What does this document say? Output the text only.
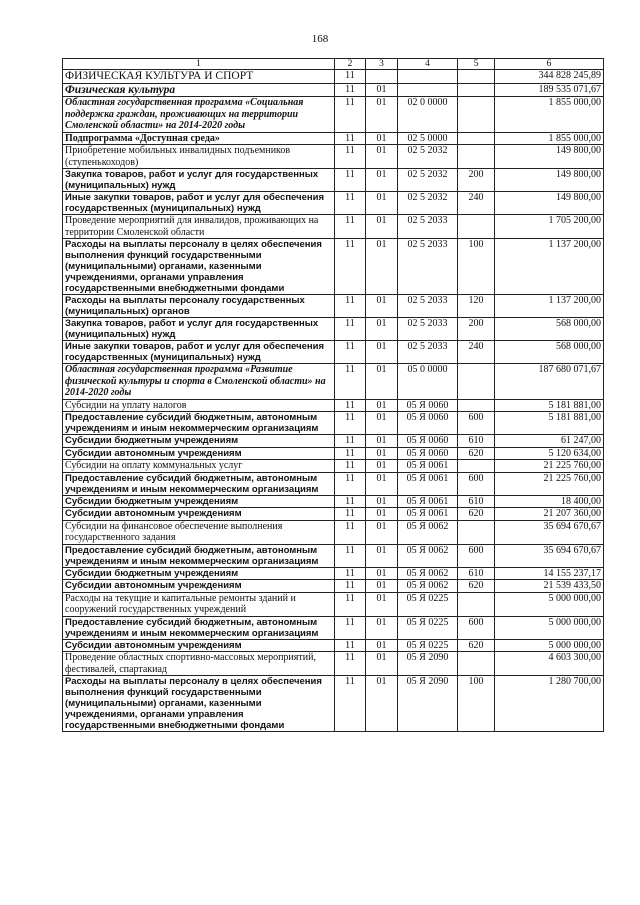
168
1	2	3	4	5	6
ФИЗИЧЕСКАЯ КУЛЬТУРА И СПОРТ	11				344 828 245,89
Физическая культура	11	01			189 535 071,67
Областная государственная программа «Социальная поддержка граждан, проживающих на территории Смоленской области» на 2014-2020 годы	11	01	02 0 0000		1 855 000,00
Подпрограмма «Доступная среда»	11	01	02 5 0000		1 855 000,00
Приобретение мобильных инвалидных подъемников (ступенькоходов)	11	01	02 5 2032		149 800,00
Закупка товаров, работ и услуг для государственных (муниципальных) нужд	11	01	02 5 2032	200	149 800,00
Иные закупки товаров, работ и услуг для обеспечения государственных (муниципальных) нужд	11	01	02 5 2032	240	149 800,00
Проведение мероприятий для инвалидов, проживающих на территории Смоленской области	11	01	02 5 2033		1 705 200,00
Расходы на выплаты персоналу в целях обеспечения выполнения функций государственными (муниципальными) органами, казенными учреждениями, органами управления государственными внебюджетными фондами	11	01	02 5 2033	100	1 137 200,00
Расходы на выплаты персоналу государственных (муниципальных) органов	11	01	02 5 2033	120	1 137 200,00
Закупка товаров, работ и услуг для государственных (муниципальных) нужд	11	01	02 5 2033	200	568 000,00
Иные закупки товаров, работ и услуг для обеспечения государственных (муниципальных) нужд	11	01	02 5 2033	240	568 000,00
Областная государственная программа «Развитие физической культуры и спорта в Смоленской области» на 2014-2020 годы	11	01	05 0 0000		187 680 071,67
Субсидии на уплату налогов	11	01	05 Я 0060		5 181 881,00
Предоставление субсидий бюджетным, автономным учреждениям и иным некоммерческим организациям	11	01	05 Я 0060	600	5 181 881,00
Субсидии бюджетным учреждениям	11	01	05 Я 0060	610	61 247,00
Субсидии автономным учреждениям	11	01	05 Я 0060	620	5 120 634,00
Субсидии на оплату коммунальных услуг	11	01	05 Я 0061		21 225 760,00
Предоставление субсидий бюджетным, автономным учреждениям и иным некоммерческим организациям	11	01	05 Я 0061	600	21 225 760,00
Субсидии бюджетным учреждениям	11	01	05 Я 0061	610	18 400,00
Субсидии автономным учреждениям	11	01	05 Я 0061	620	21 207 360,00
Субсидии на финансовое обеспечение выполнения государственного задания	11	01	05 Я 0062		35 694 670,67
Предоставление субсидий бюджетным, автономным учреждениям и иным некоммерческим организациям	11	01	05 Я 0062	600	35 694 670,67
Субсидии бюджетным учреждениям	11	01	05 Я 0062	610	14 155 237,17
Субсидии автономным учреждениям	11	01	05 Я 0062	620	21 539 433,50
Расходы на текущие и капитальные ремонты зданий и сооружений государственных учреждений	11	01	05 Я 0225		5 000 000,00
Предоставление субсидий бюджетным, автономным учреждениям и иным некоммерческим организациям	11	01	05 Я 0225	600	5 000 000,00
Субсидии автономным учреждениям	11	01	05 Я 0225	620	5 000 000,00
Проведение областных спортивно-массовых мероприятий, фестивалей, спартакиад	11	01	05 Я 2090		4 603 300,00
Расходы на выплаты персоналу в целях обеспечения выполнения функций государственными (муниципальными) органами, казенными учреждениями, органами управления государственными внебюджетными фондами	11	01	05 Я 2090	100	1 280 700,00
